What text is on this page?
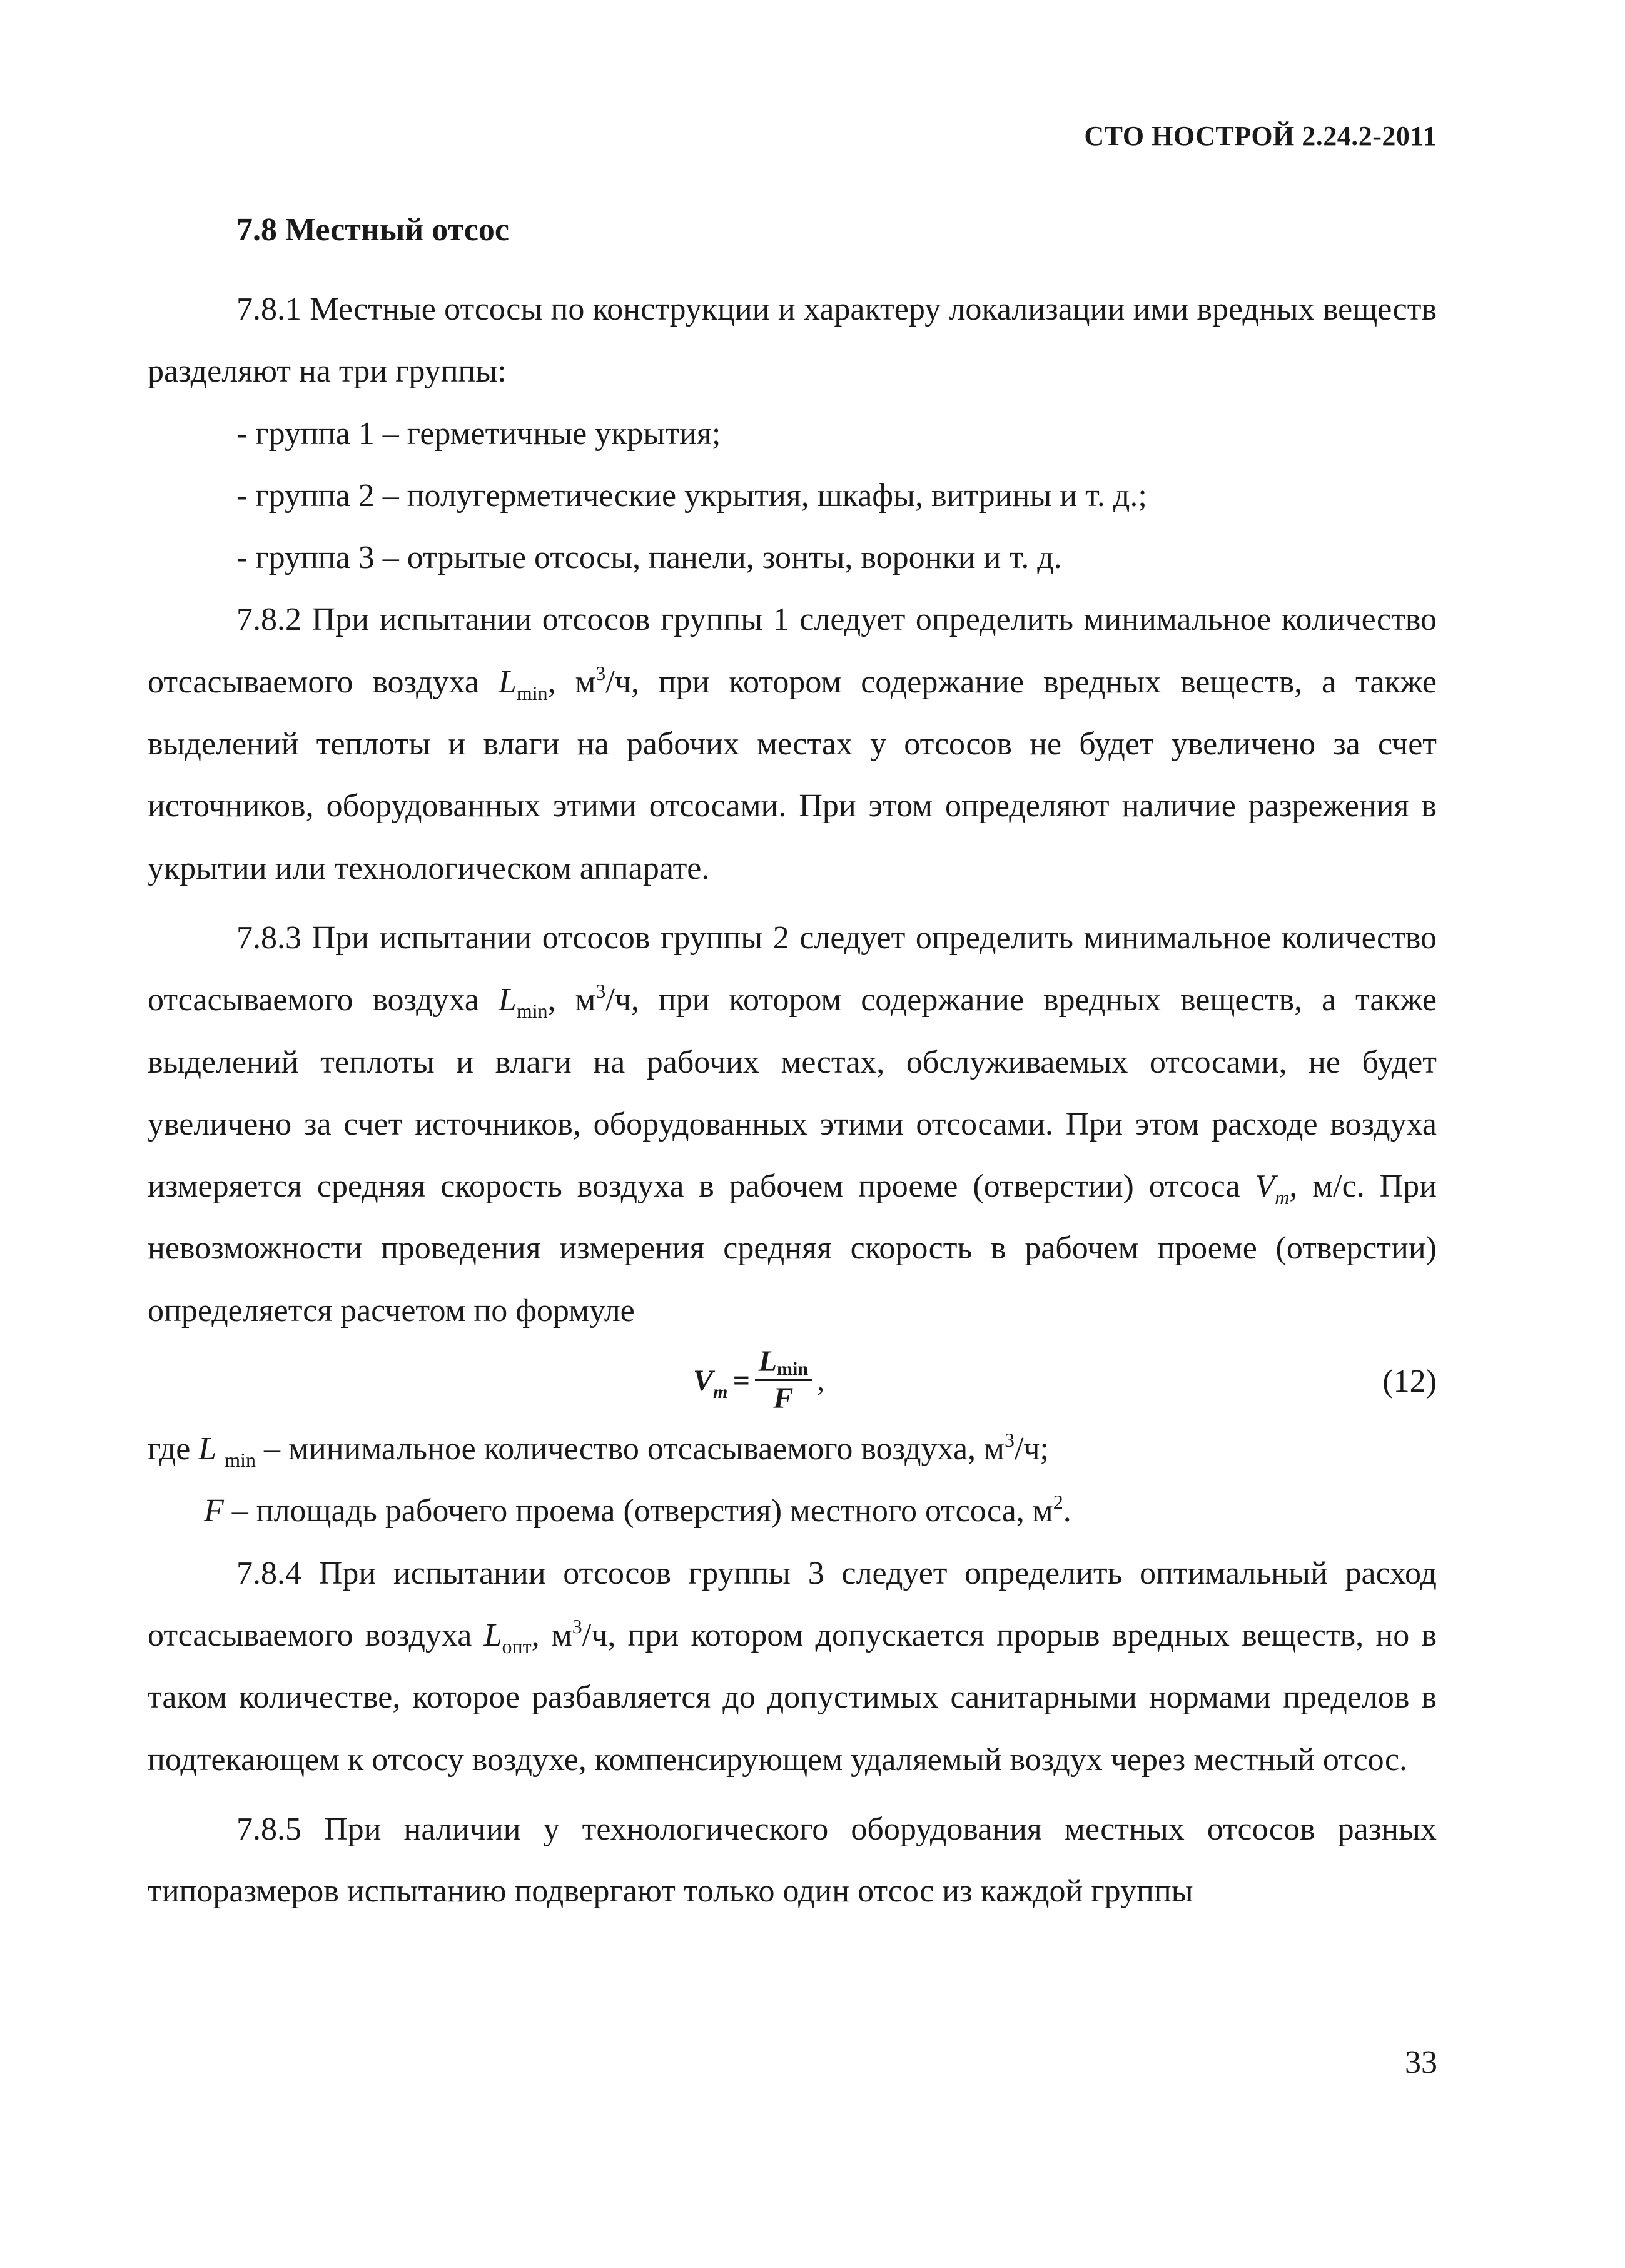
СТО НОСТРОЙ 2.24.2-2011
7.8 Местный отсос

7.8.1 Местные отсосы по конструкции и характеру локализации ими вредных веществ разделяют на три группы:

- группа 1 – герметичные укрытия;

- группа 2 – полугерметические укрытия, шкафы, витрины и т. д.;

- группа 3 – отрытые отсосы, панели, зонты, воронки и т. д.

7.8.2 При испытании отсосов группы 1 следует определить минимальное количество отсасываемого воздуха $L_{min}$, $м^3/ч$, при котором содержание вредных веществ, а также выделений теплоты и влаги на рабочих местах у отсосов не будет увеличено за счет источников, оборудованных этими отсосами. При этом определяют наличие разрежения в укрытии или технологическом аппарате.

7.8.3 При испытании отсосов группы 2 следует определить минимальное количество отсасываемого воздуха $L_{min}$, $м^3/ч$, при котором содержание вредных веществ, а также выделений теплоты и влаги на рабочих местах, обслуживаемых отсосами, не будет увеличено за счет источников, оборудованных этими отсосами. При этом расходе воздуха измеряется средняя скорость воздуха в рабочем проеме (отверстии) отсоса $V_m$, м/с. При невозможности проведения измерения средняя скорость в рабочем проеме (отверстии) определяется расчетом по формуле

$V_m = \frac{L_{min}}{F}$ ,	(12)

где L $_{min}$ – минимальное количество отсасываемого воздуха, $м^3/ч$;

F – площадь рабочего проема (отверстия) местного отсоса, $м^2$.

7.8.4 При испытании отсосов группы 3 следует определить оптимальный расход отсасываемого воздуха $L_{опт}$, $м^3/ч$, при котором допускается прорыв вредных веществ, но в таком количестве, которое разбавляется до допустимых санитарными нормами пределов в подтекающем к отсосу воздухе, компенсирующем удаляемый воздух через местный отсос.

7.8.5 При наличии у технологического оборудования местных отсосов разных типоразмеров испытанию подвергают только один отсос из каждой группы

33
